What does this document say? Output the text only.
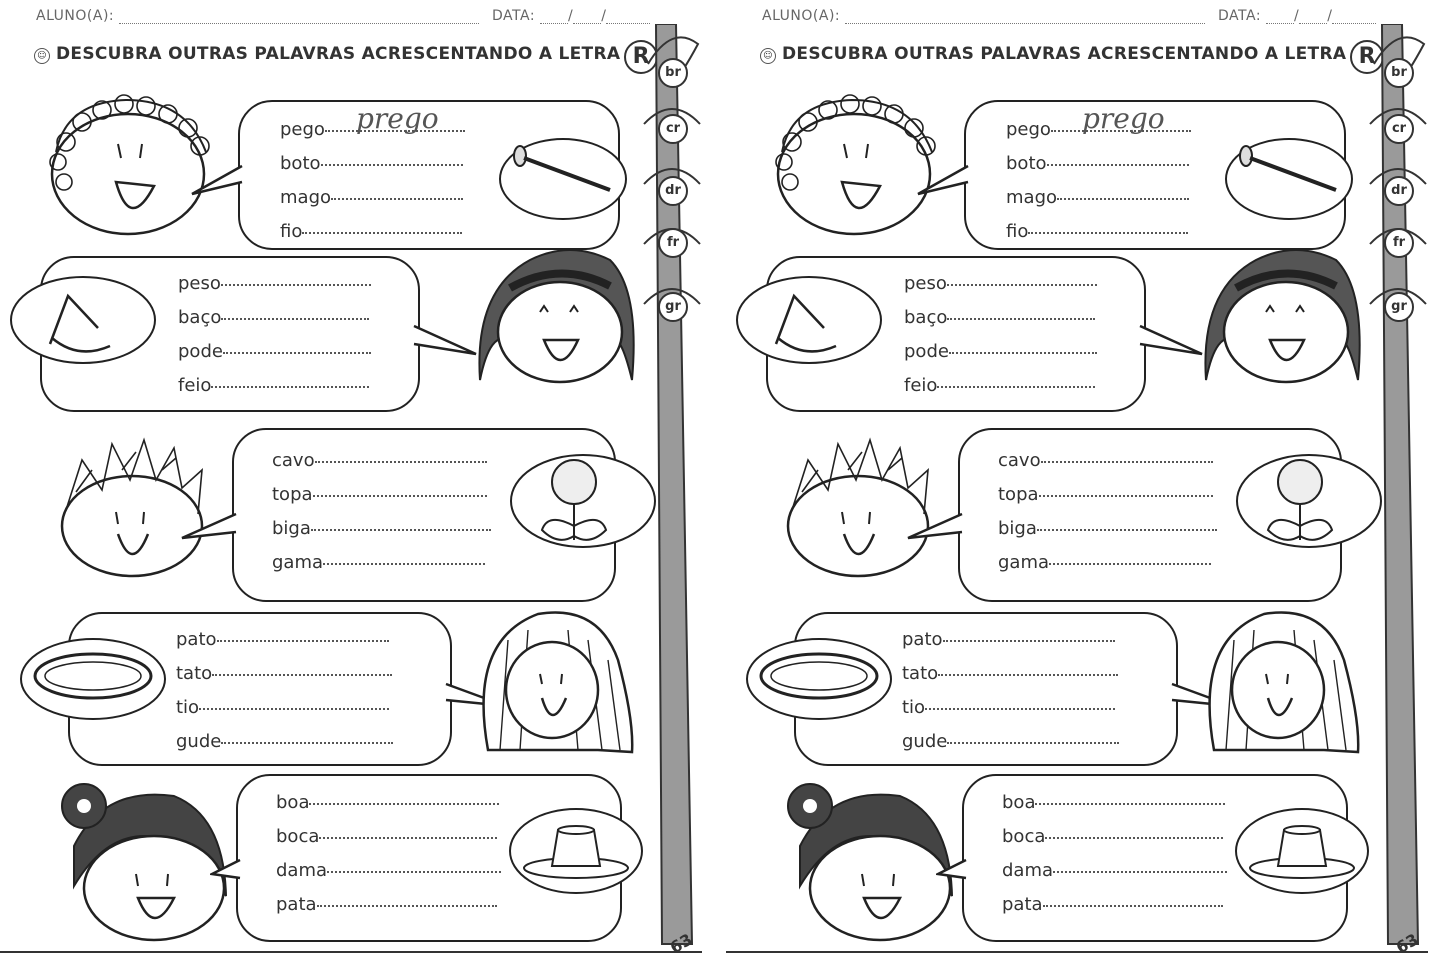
ALUNO(A):	DATA: / /
☺ DESCUBRA OUTRAS PALAVRAS ACRESCENTANDO A LETRA R
pego
boto
mago
fio
prego
peso
baço
pode
feio
cavo
topa
biga
gama
pato
tato
tio
gude
boa
boca
dama
pata
br
cr
dr
fr
gr
63
ALUNO(A):	DATA: / /
☺ DESCUBRA OUTRAS PALAVRAS ACRESCENTANDO A LETRA R
pego
boto
mago
fio
prego
peso
baço
pode
feio
cavo
topa
biga
gama
pato
tato
tio
gude
boa
boca
dama
pata
br
cr
dr
fr
gr
63
